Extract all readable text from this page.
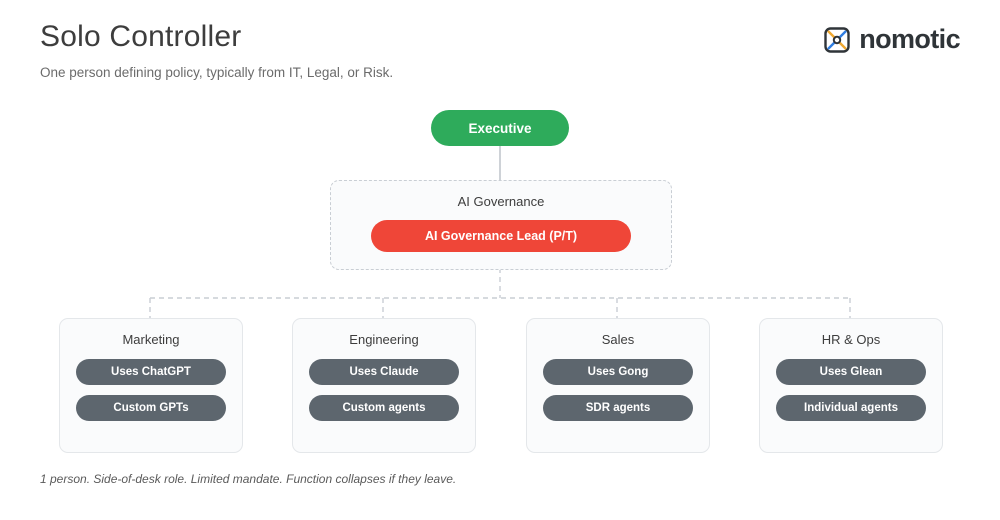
Solo Controller

One person defining policy, typically from IT, Legal, or Risk.

nomotic
Executive
AI Governance
AI Governance Lead (P/T)
Marketing
Uses ChatGPT
Custom GPTs
Engineering
Uses Claude
Custom agents
Sales
Uses Gong
SDR agents
HR & Ops
Uses Glean
Individual agents
1 person. Side-of-desk role. Limited mandate. Function collapses if they leave.
